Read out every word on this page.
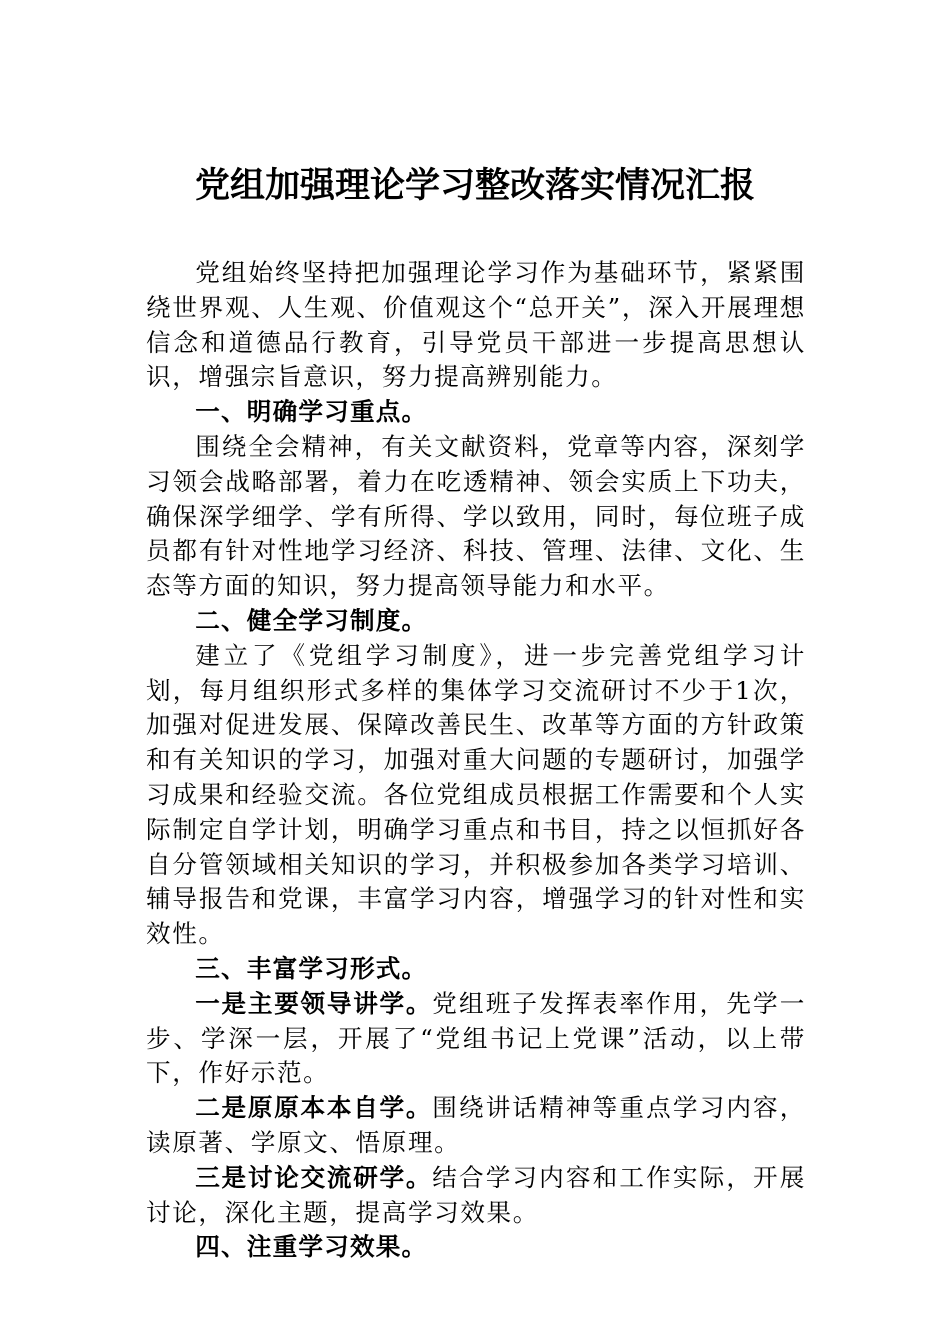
党组加强理论学习整改落实情况汇报

党组始终坚持把加强理论学习作为基础环节，紧紧围绕世界观、人生观、价值观这个“总开关”，深入开展理想信念和道德品行教育，引导党员干部进一步提高思想认识，增强宗旨意识，努力提高辨别能力。

一、明确学习重点。

围绕全会精神，有关文献资料，党章等内容，深刻学习领会战略部署，着力在吃透精神、领会实质上下功夫，确保深学细学、学有所得、学以致用，同时，每位班子成员都有针对性地学习经济、科技、管理、法律、文化、生态等方面的知识，努力提高领导能力和水平。

二、健全学习制度。

建立了《党组学习制度》，进一步完善党组学习计划，每月组织形式多样的集体学习交流研讨不少于1次，加强对促进发展、保障改善民生、改革等方面的方针政策和有关知识的学习，加强对重大问题的专题研讨，加强学习成果和经验交流。各位党组成员根据工作需要和个人实际制定自学计划，明确学习重点和书目，持之以恒抓好各自分管领域相关知识的学习，并积极参加各类学习培训、辅导报告和党课，丰富学习内容，增强学习的针对性和实效性。

三、丰富学习形式。

一是主要领导讲学。党组班子发挥表率作用，先学一步、学深一层，开展了“党组书记上党课”活动，以上带下，作好示范。

二是原原本本自学。围绕讲话精神等重点学习内容，读原著、学原文、悟原理。

三是讨论交流研学。结合学习内容和工作实际，开展讨论，深化主题，提高学习效果。

四、注重学习效果。
